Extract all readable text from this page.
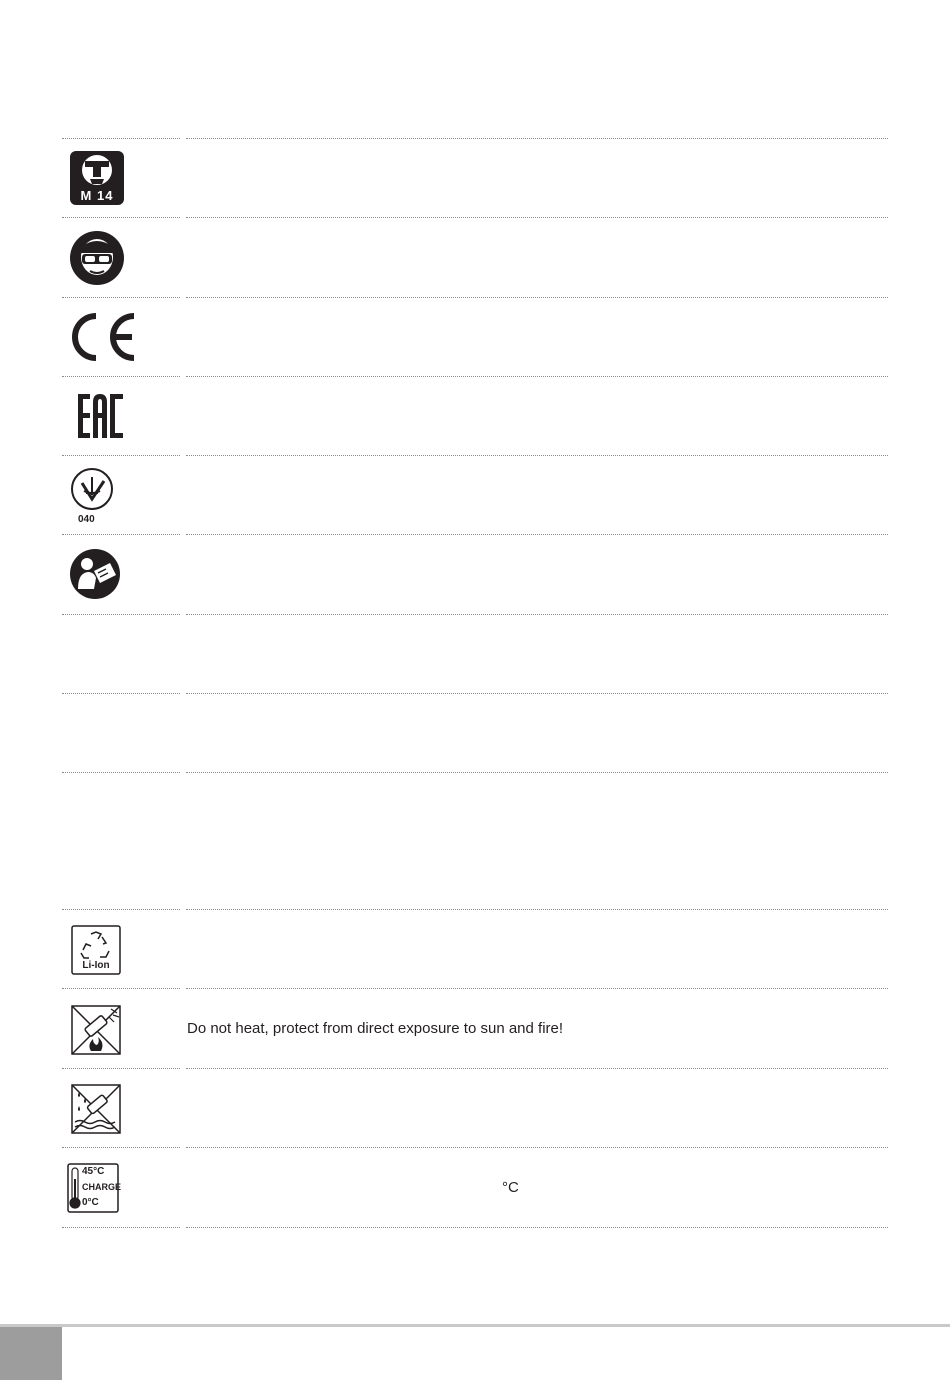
M 14
040
Li-Ion
Do not heat, protect from direct exposure to sun and fire!
45°C
CHARGE
0°C
°C
